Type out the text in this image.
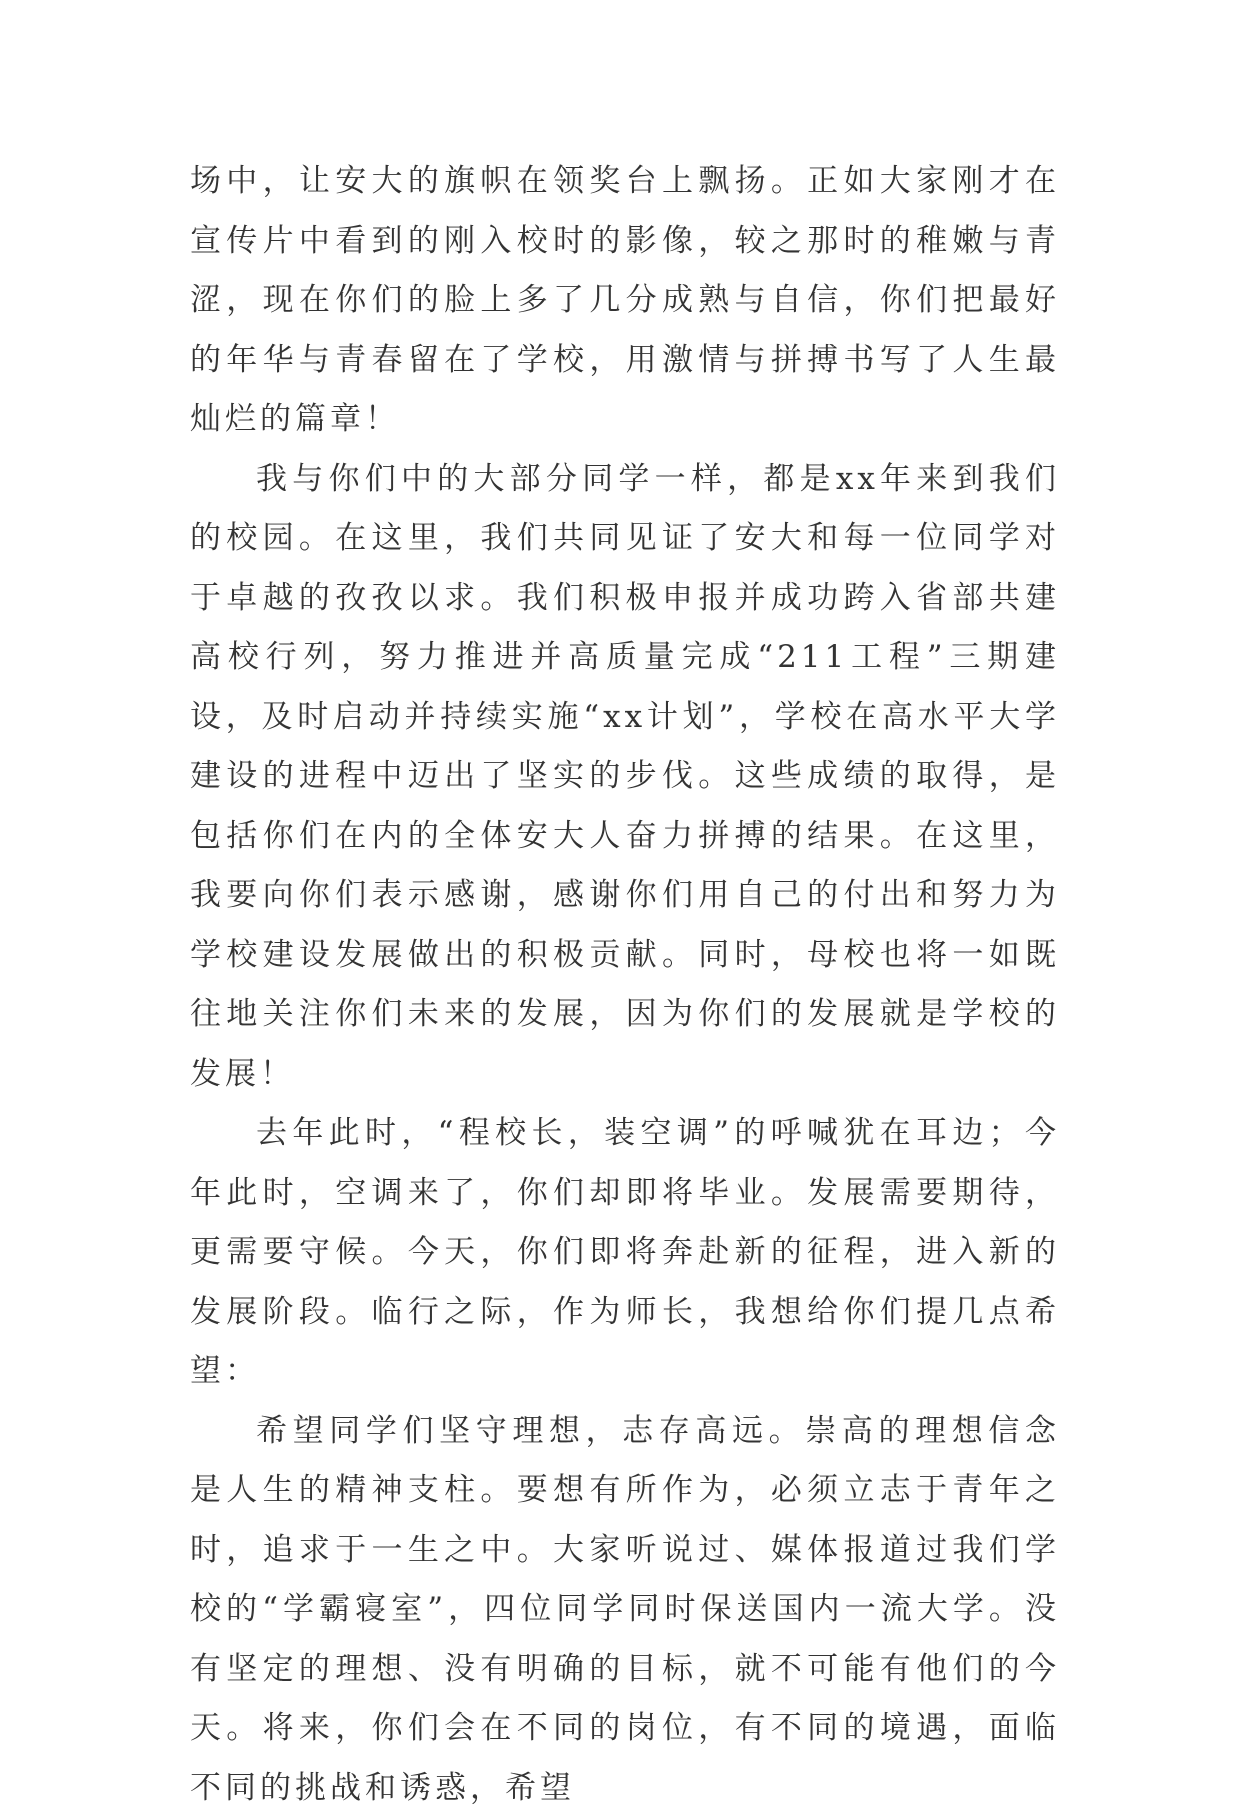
场中，让安大的旗帜在领奖台上飘扬。正如大家刚才在宣传片中看到的刚入校时的影像，较之那时的稚嫩与青涩，现在你们的脸上多了几分成熟与自信，你们把最好的年华与青春留在了学校，用激情与拼搏书写了人生最灿烂的篇章！

我与你们中的大部分同学一样，都是xx年来到我们的校园。在这里，我们共同见证了安大和每一位同学对于卓越的孜孜以求。我们积极申报并成功跨入省部共建高校行列，努力推进并高质量完成“211工程”三期建设，及时启动并持续实施“xx计划”，学校在高水平大学建设的进程中迈出了坚实的步伐。这些成绩的取得，是包括你们在内的全体安大人奋力拼搏的结果。在这里，我要向你们表示感谢，感谢你们用自己的付出和努力为学校建设发展做出的积极贡献。同时，母校也将一如既往地关注你们未来的发展，因为你们的发展就是学校的发展！

去年此时，“程校长，装空调”的呼喊犹在耳边；今年此时，空调来了，你们却即将毕业。发展需要期待，更需要守候。今天，你们即将奔赴新的征程，进入新的发展阶段。临行之际，作为师长，我想给你们提几点希望：

希望同学们坚守理想，志存高远。崇高的理想信念是人生的精神支柱。要想有所作为，必须立志于青年之时，追求于一生之中。大家听说过、媒体报道过我们学校的“学霸寝室”，四位同学同时保送国内一流大学。没有坚定的理想、没有明确的目标，就不可能有他们的今天。将来，你们会在不同的岗位，有不同的境遇，面临不同的挑战和诱惑，希望
